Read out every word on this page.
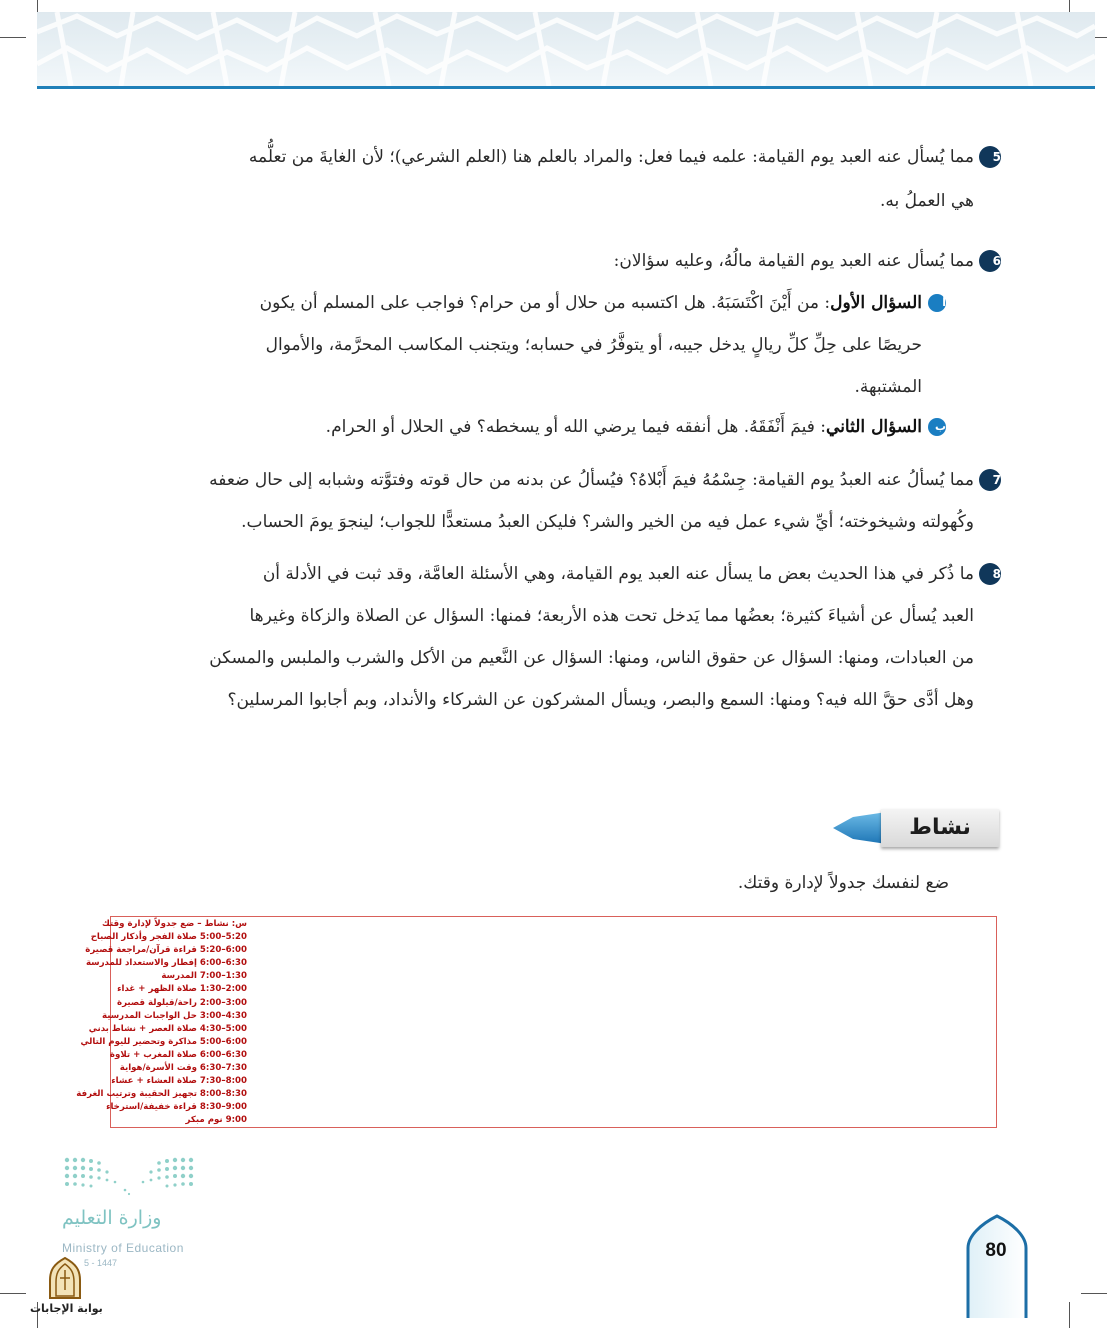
5

مما يُسأل عنه العبد يوم القيامة: علمه فيما فعل: والمراد بالعلم هنا (العلم الشرعي)؛ لأن الغايةَ من تعلُّمه

هي العملُ به.

6

مما يُسأل عنه العبد يوم القيامة مالُهُ، وعليه سؤالان:

أ

السؤال الأول: من أَيْنَ اكْتَسَبَهُ. هل اكتسبه من حلال أو من حرام؟ فواجب على المسلم أن يكون

حريصًا على حِلِّ كلِّ ريالٍ يدخل جيبه، أو يتوفَّرُ في حسابه؛ ويتجنب المكاسب المحرَّمة، والأموال

المشتبهة.

ب

السؤال الثاني: فيمَ أَنْفَقَهُ. هل أنفقه فيما يرضي الله أو يسخطه؟ في الحلال أو الحرام.

7

مما يُسألُ عنه العبدُ يوم القيامة: جِسْمُهُ فيمَ أَبْلاهُ؟ فيُسألُ عن بدنه من حال قوته وفتوَّته وشبابه إلى حال ضعفه

وكُهولته وشيخوخته؛ أيِّ شيء عمل فيه من الخير والشر؟ فليكن العبدُ مستعدًّا للجواب؛ لينجوَ يومَ الحساب.

8

ما ذُكر في هذا الحديث بعض ما يسأل عنه العبد يوم القيامة، وهي الأسئلة العامَّة، وقد ثبت في الأدلة أن

العبد يُسأل عن أشياءَ كثيرة؛ بعضُها مما يَدخل تحت هذه الأربعة؛ فمنها: السؤال عن الصلاة والزكاة وغيرها

من العبادات، ومنها: السؤال عن حقوق الناس، ومنها: السؤال عن النَّعيم من الأكل والشرب والملبس والمسكن

وهل أدَّى حقَّ الله فيه؟ ومنها: السمع والبصر، ويسأل المشركون عن الشركاء والأنداد، وبم أجابوا المرسلين؟

نشاط
ضع لنفسك جدولاً لإدارة وقتك.
س: نشاط – ضع جدولاً لإدارة وقتك
5:20–5:00 صلاة الفجر وأذكار الصباح
6:00–5:20 قراءة قرآن/مراجعة قصيرة
6:30–6:00 إفطار والاستعداد للمدرسة
1:30–7:00 المدرسة
2:00–1:30 صلاة الظهر + غداء
3:00–2:00 راحة/قيلولة قصيرة
4:30–3:00 حل الواجبات المدرسية
5:00–4:30 صلاة العصر + نشاط بدني
6:00–5:00 مذاكرة وتحضير لليوم التالي
6:30–6:00 صلاة المغرب + تلاوة
7:30–6:30 وقت الأسرة/هواية
8:00–7:30 صلاة العشاء + عشاء
8:30–8:00 تجهيز الحقيبة وترتيب الغرفة
9:00–8:30 قراءة خفيفة/استرخاء
9:00 نوم مبكر
وزارة التعليم
Ministry of Education
5 - 1447
بوابة الإجابات
80
